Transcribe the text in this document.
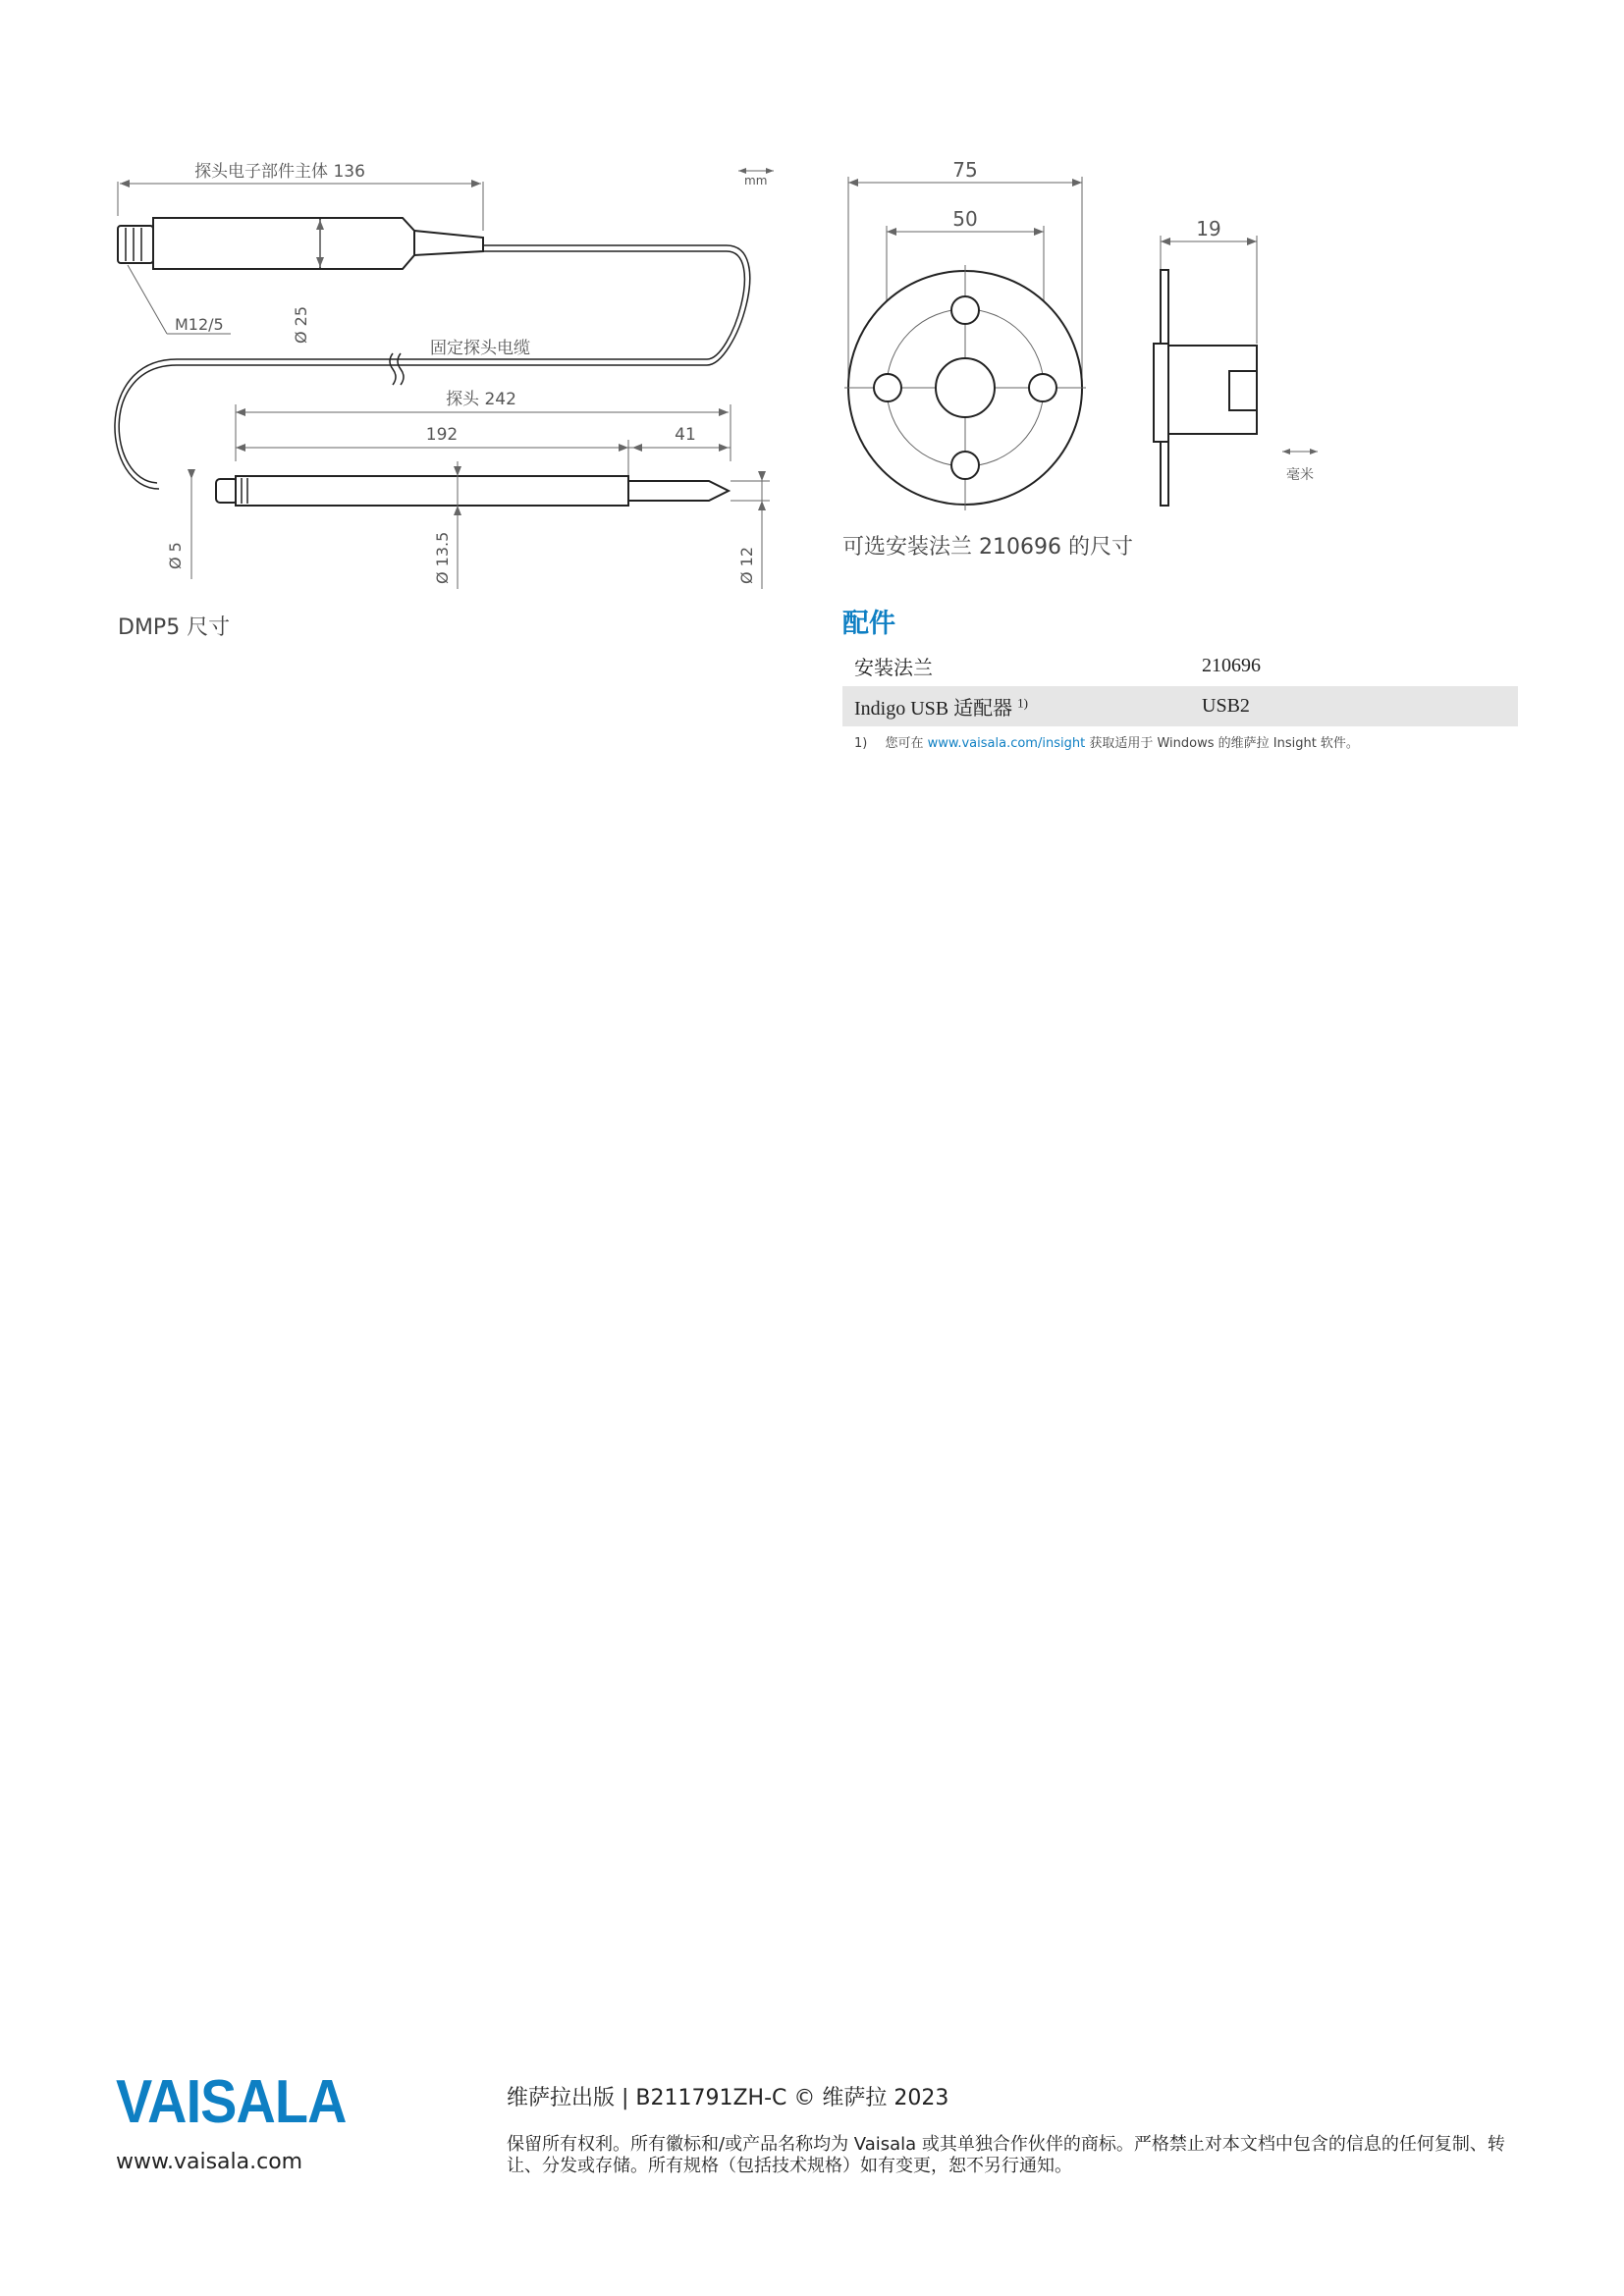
探头电子部件主体 136	mm
Ø 25
M12/5
固定探头电缆
探头 242
192	41
Ø 5	Ø 13.5	Ø 12
75
50	19
毫米
DMP5 尺寸
可选安装法兰 210696 的尺寸
配件
安装法兰	210696
Indigo USB 适配器 $^{1)}$	USB2
1) 您可在 www.vaisala.com/insight 获取适用于 Windows 的维萨拉 Insight 软件。
VAISALA
www.vaisala.com
维萨拉出版 | B211791ZH-C © 维萨拉 2023
保留所有权利。所有徽标和/或产品名称均为 Vaisala 或其单独合作伙伴的商标。严格禁止对本文档中包含的信息的任何复制、转让、分发或存储。所有规格（包括技术规格）如有变更，恕不另行通知。
